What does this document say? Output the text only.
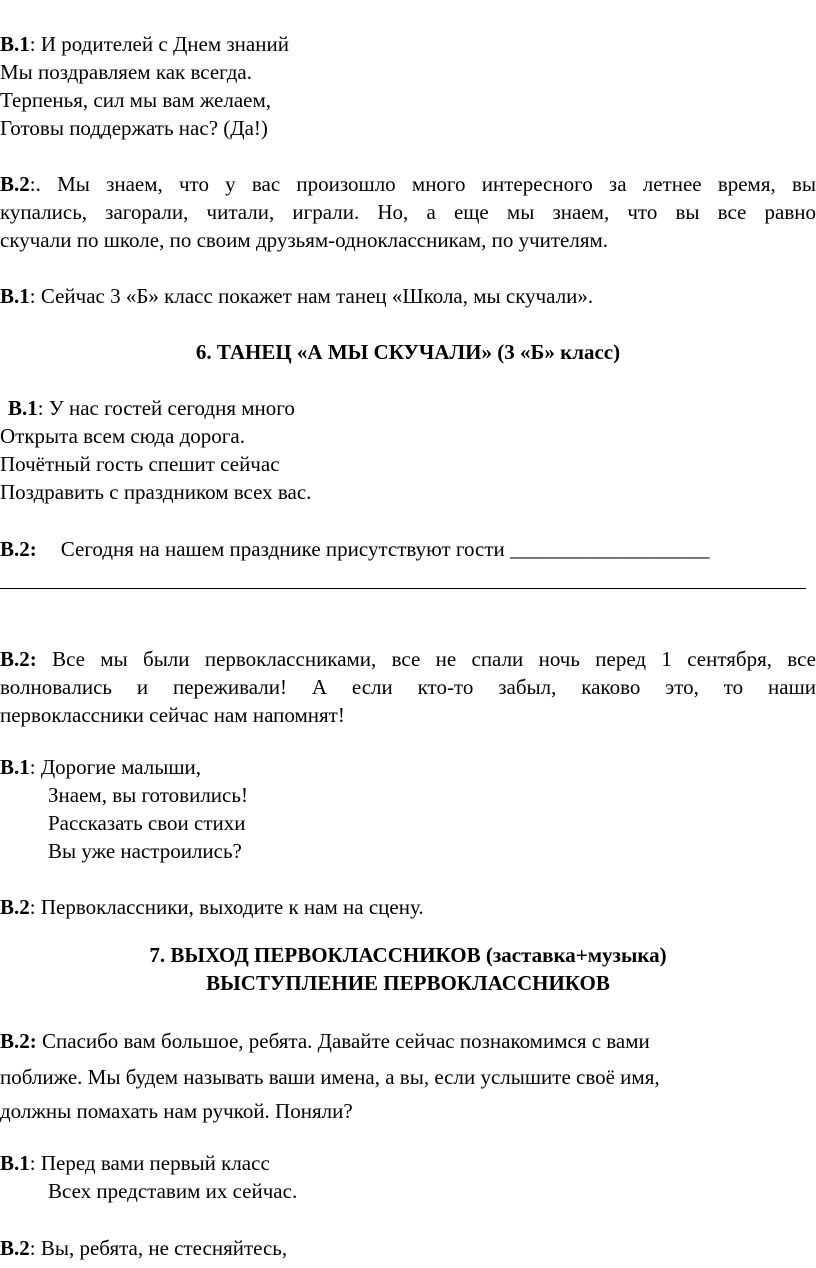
В.1: И родителей с Днем знаний
Мы поздравляем как всегда.
Терпенья, сил мы вам желаем,
Готовы поддержать нас? (Да!)
В.2:. Мы знаем, что у вас произошло много интересного за летнее время, вы
купались, загорали, читали, играли. Но, а еще мы знаем, что вы все равно
скучали по школе, по своим друзьям-одноклассникам, по учителям.
В.1: Сейчас 3 «Б» класс покажет нам танец «Школа, мы скучали».
6. ТАНЕЦ «А МЫ СКУЧАЛИ» (3 «Б» класс)
В.1: У нас гостей сегодня много
Открыта всем сюда дорога.
Почётный гость спешит сейчас
Поздравить с праздником всех вас.
В.2: Сегодня на нашем празднике присутствуют гости ___________________
В.2: Все мы были первоклассниками, все не спали ночь перед 1 сентября, все
волновались и переживали! А если кто-то забыл, каково это, то наши
первоклассники сейчас нам напомнят!
В.1: Дорогие малыши,
Знаем, вы готовились!
Рассказать свои стихи
Вы уже настроились?
В.2: Первоклассники, выходите к нам на сцену.
7. ВЫХОД ПЕРВОКЛАССНИКОВ (заставка+музыка)
ВЫСТУПЛЕНИЕ ПЕРВОКЛАССНИКОВ
В.2: Спасибо вам большое, ребята. Давайте сейчас познакомимся с вами
поближе. Мы будем называть ваши имена, а вы, если услышите своё имя,
должны помахать нам ручкой. Поняли?
В.1: Перед вами первый класс
Всех представим их сейчас.
В.2: Вы, ребята, не стесняйтесь,
